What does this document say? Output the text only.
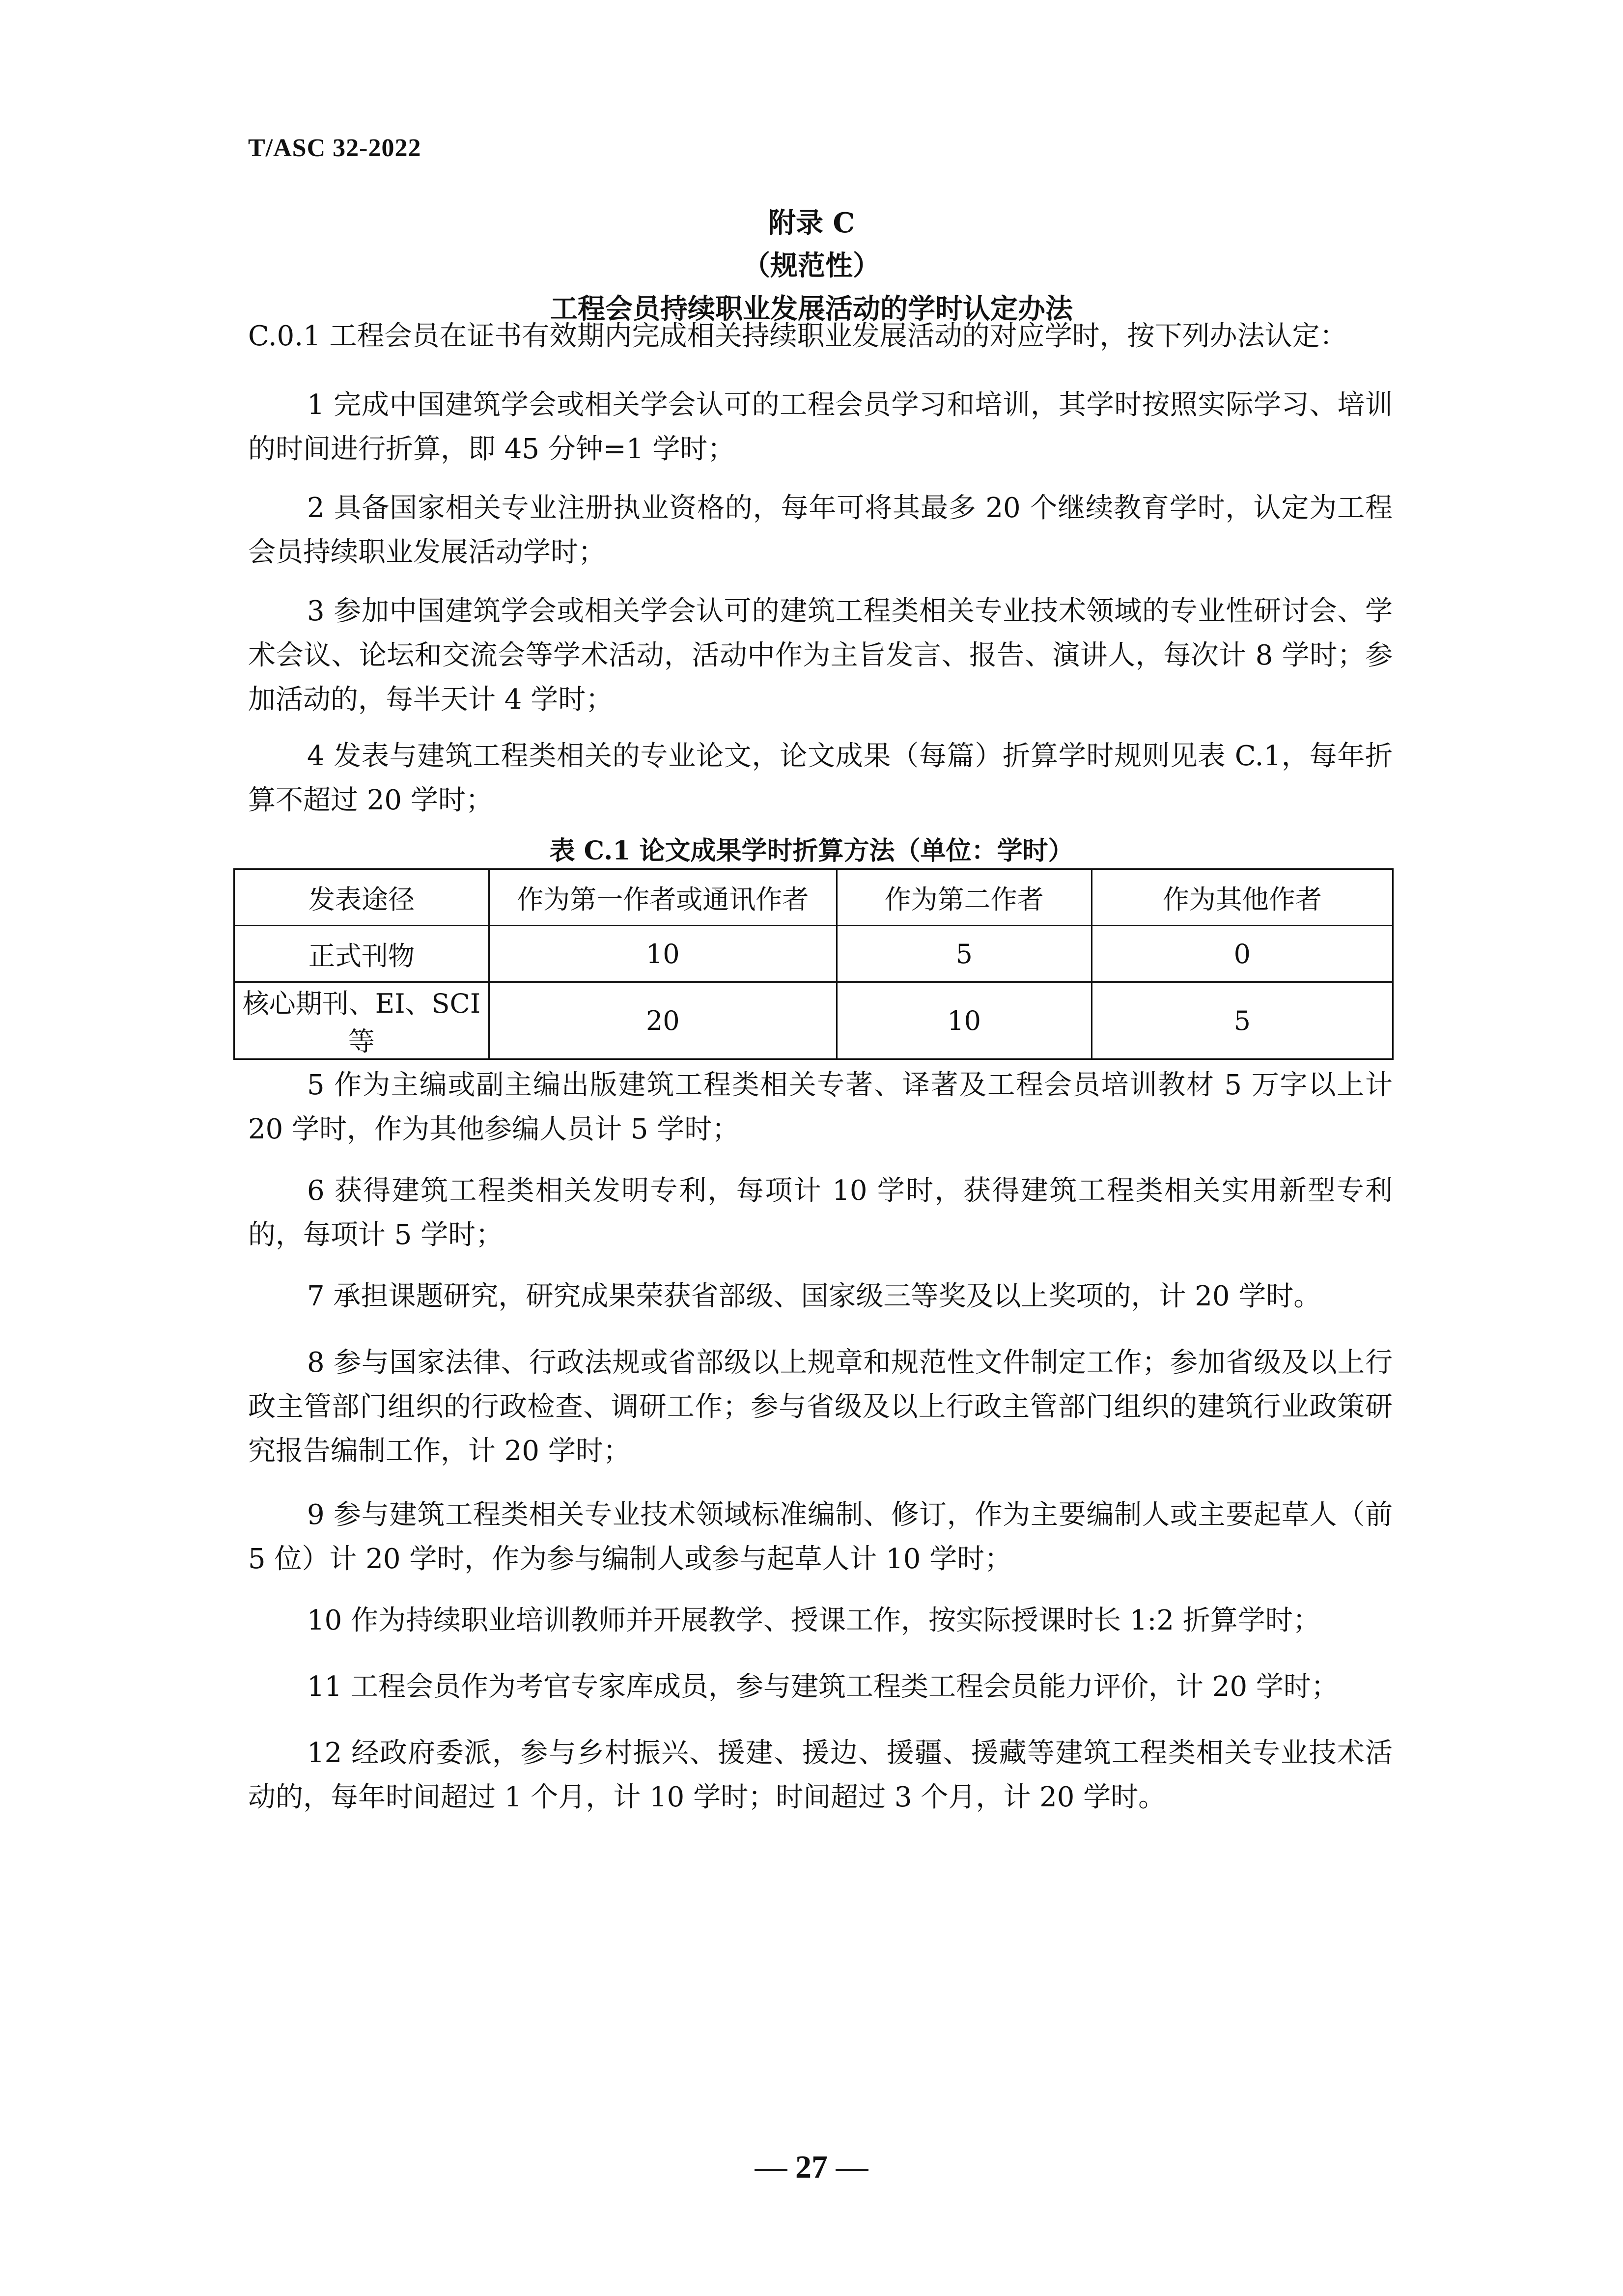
T/ASC 32-2022
附录 C
（规范性）
工程会员持续职业发展活动的学时认定办法

C.0.1 工程会员在证书有效期内完成相关持续职业发展活动的对应学时，按下列办法认定：

1 完成中国建筑学会或相关学会认可的工程会员学习和培训，其学时按照实际学习、培训的时间进行折算，即 45 分钟=1 学时；

2 具备国家相关专业注册执业资格的，每年可将其最多 20 个继续教育学时，认定为工程会员持续职业发展活动学时；

3 参加中国建筑学会或相关学会认可的建筑工程类相关专业技术领域的专业性研讨会、学术会议、论坛和交流会等学术活动，活动中作为主旨发言、报告、演讲人，每次计 8 学时；参加活动的，每半天计 4 学时；

4 发表与建筑工程类相关的专业论文，论文成果（每篇）折算学时规则见表 C.1，每年折算不超过 20 学时；

表 C.1 论文成果学时折算方法（单位：学时）
发表途径	作为第一作者或通讯作者	作为第二作者	作为其他作者
正式刊物	10	5	0
核心期刊、EI、SCI 等	20	10	5

5 作为主编或副主编出版建筑工程类相关专著、译著及工程会员培训教材 5 万字以上计 20 学时，作为其他参编人员计 5 学时；

6 获得建筑工程类相关发明专利，每项计 10 学时，获得建筑工程类相关实用新型专利的，每项计 5 学时；

7 承担课题研究，研究成果荣获省部级、国家级三等奖及以上奖项的，计 20 学时。

8 参与国家法律、行政法规或省部级以上规章和规范性文件制定工作；参加省级及以上行政主管部门组织的行政检查、调研工作；参与省级及以上行政主管部门组织的建筑行业政策研究报告编制工作，计 20 学时；

9 参与建筑工程类相关专业技术领域标准编制、修订，作为主要编制人或主要起草人（前 5 位）计 20 学时，作为参与编制人或参与起草人计 10 学时；

10 作为持续职业培训教师并开展教学、授课工作，按实际授课时长 1:2 折算学时；

11 工程会员作为考官专家库成员，参与建筑工程类工程会员能力评价，计 20 学时；

12 经政府委派，参与乡村振兴、援建、援边、援疆、援藏等建筑工程类相关专业技术活动的，每年时间超过 1 个月，计 10 学时；时间超过 3 个月，计 20 学时。

— 27 —
